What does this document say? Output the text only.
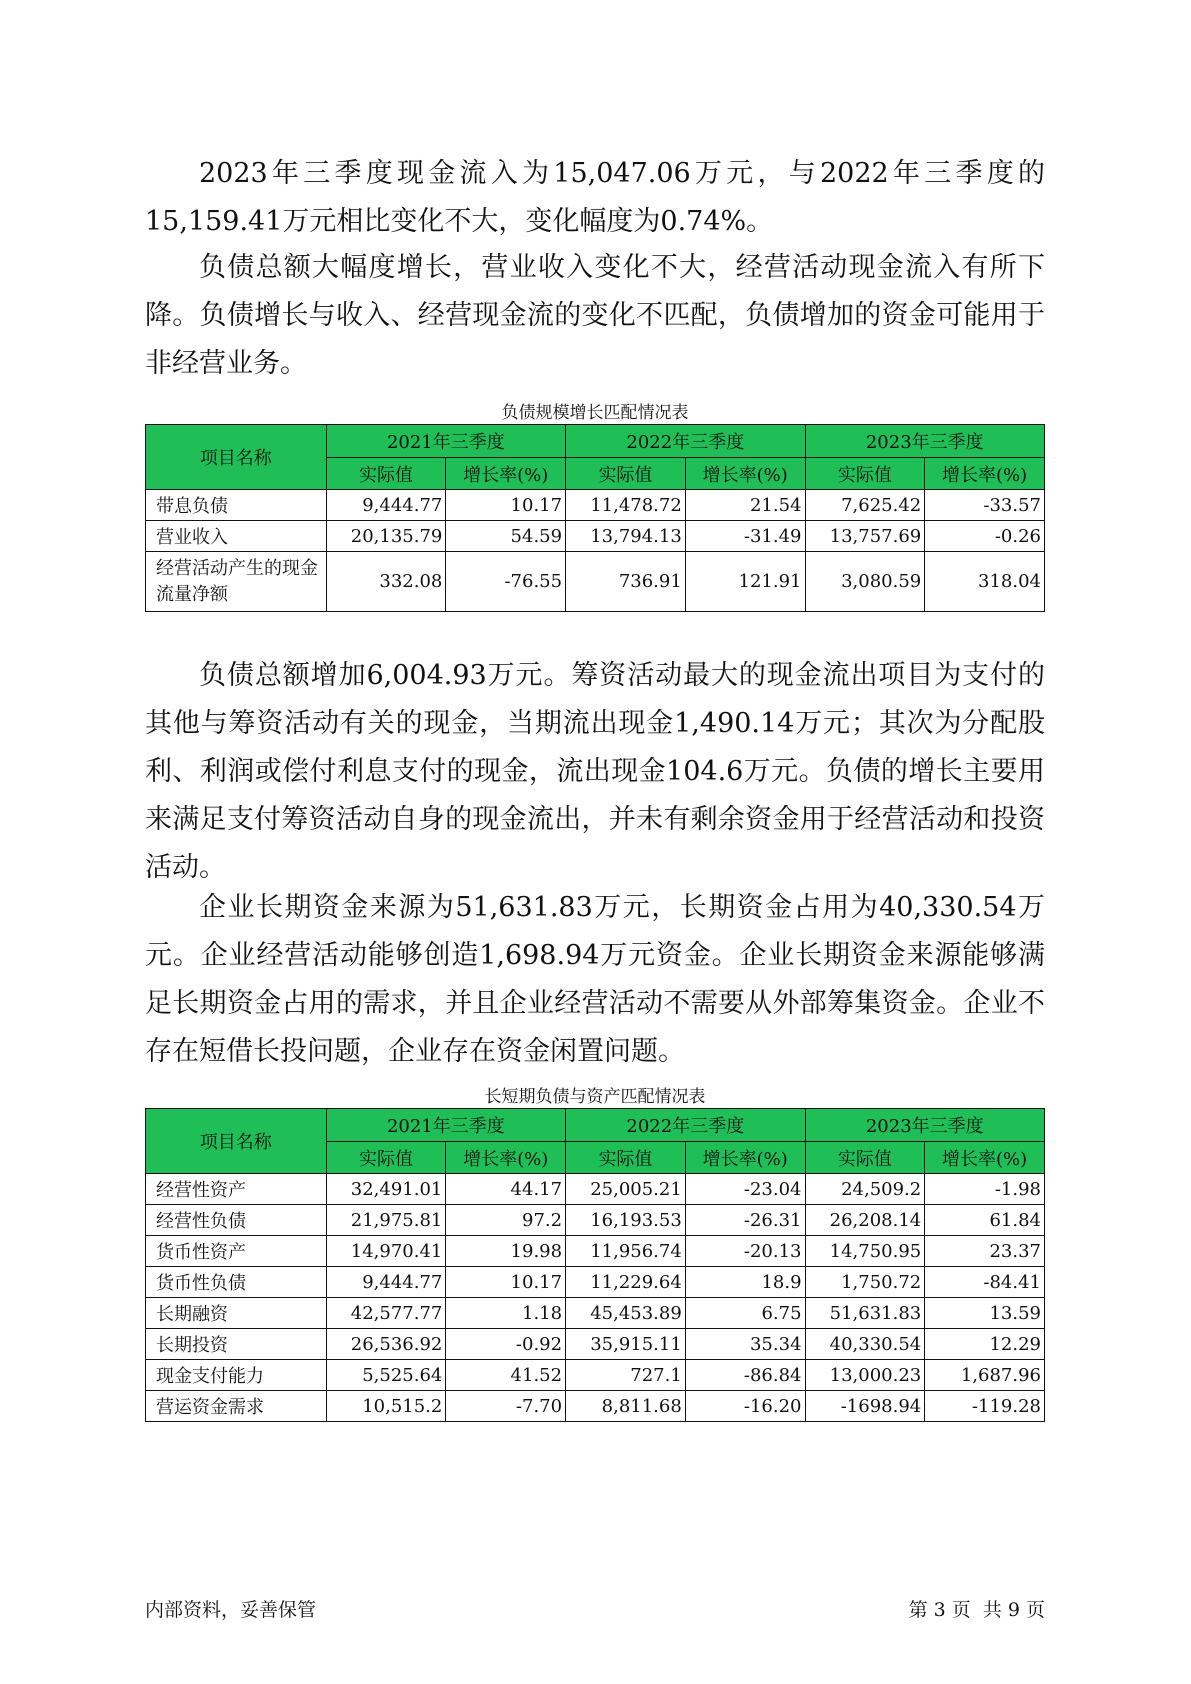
2023年三季度现金流入为15,047.06万元，与2022年三季度的15,159.41万元相比变化不大，变化幅度为0.74%。

负债总额大幅度增长，营业收入变化不大，经营活动现金流入有所下降。负债增长与收入、经营现金流的变化不匹配，负债增加的资金可能用于非经营业务。

负债规模增长匹配情况表
项目名称	2021年三季度		2022年三季度		2023年三季度	
	实际值	增长率(%)	实际值	增长率(%)	实际值	增长率(%)
带息负债	9,444.77	10.17	11,478.72	21.54	7,625.42	-33.57
营业收入	20,135.79	54.59	13,794.13	-31.49	13,757.69	-0.26
经营活动产生的现金流量净额	332.08	-76.55	736.91	121.91	3,080.59	318.04

负债总额增加6,004.93万元。筹资活动最大的现金流出项目为支付的其他与筹资活动有关的现金，当期流出现金1,490.14万元；其次为分配股利、利润或偿付利息支付的现金，流出现金104.6万元。负债的增长主要用来满足支付筹资活动自身的现金流出，并未有剩余资金用于经营活动和投资活动。

企业长期资金来源为51,631.83万元，长期资金占用为40,330.54万元。企业经营活动能够创造1,698.94万元资金。企业长期资金来源能够满足长期资金占用的需求，并且企业经营活动不需要从外部筹集资金。企业不存在短借长投问题，企业存在资金闲置问题。

长短期负债与资产匹配情况表
项目名称	2021年三季度		2022年三季度		2023年三季度	
	实际值	增长率(%)	实际值	增长率(%)	实际值	增长率(%)
经营性资产	32,491.01	44.17	25,005.21	-23.04	24,509.2	-1.98
经营性负债	21,975.81	97.2	16,193.53	-26.31	26,208.14	61.84
货币性资产	14,970.41	19.98	11,956.74	-20.13	14,750.95	23.37
货币性负债	9,444.77	10.17	11,229.64	18.9	1,750.72	-84.41
长期融资	42,577.77	1.18	45,453.89	6.75	51,631.83	13.59
长期投资	26,536.92	-0.92	35,915.11	35.34	40,330.54	12.29
现金支付能力	5,525.64	41.52	727.1	-86.84	13,000.23	1,687.96
营运资金需求	10,515.2	-7.70	8,811.68	-16.20	-1698.94	-119.28
内部资料，妥善保管	第 3 页  共 9 页
